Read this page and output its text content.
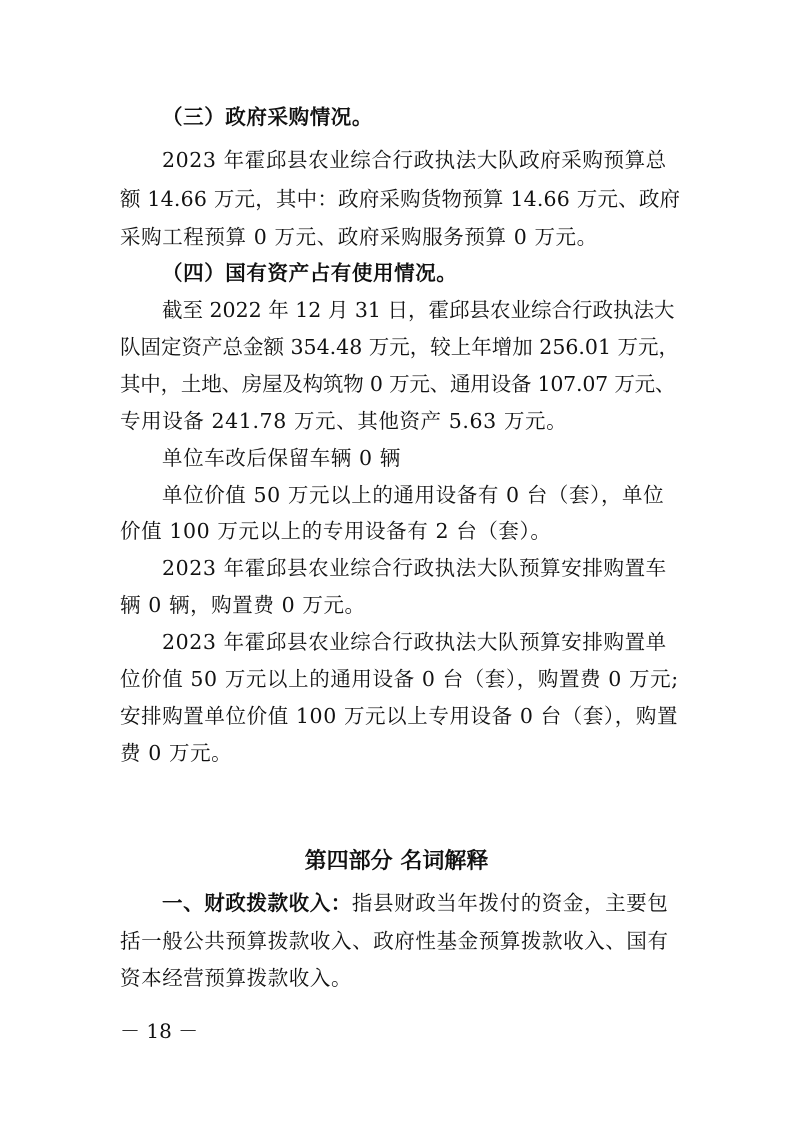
（三）政府采购情况。
2023 年霍邱县农业综合行政执法大队政府采购预算总
额 14.66 万元，其中：政府采购货物预算 14.66 万元、政府
采购工程预算 0 万元、政府采购服务预算 0 万元。
（四）国有资产占有使用情况。
截至 2022 年 12 月 31 日，霍邱县农业综合行政执法大
队固定资产总金额 354.48 万元，较上年增加 256.01 万元，
其中，土地、房屋及构筑物 0 万元、通用设备 107.07 万元、
专用设备 241.78 万元、其他资产 5.63 万元。
单位车改后保留车辆 0 辆
单位价值 50 万元以上的通用设备有 0 台（套），单位
价值 100 万元以上的专用设备有 2 台（套）。
2023 年霍邱县农业综合行政执法大队预算安排购置车
辆 0 辆，购置费 0 万元。
2023 年霍邱县农业综合行政执法大队预算安排购置单
位价值 50 万元以上的通用设备 0 台（套），购置费 0 万元;
安排购置单位价值 100 万元以上专用设备 0 台（套），购置
费 0 万元。
第四部分 名词解释
一、财政拨款收入：指县财政当年拨付的资金，主要包
括一般公共预算拨款收入、政府性基金预算拨款收入、国有
资本经营预算拨款收入。
－ 18 －
